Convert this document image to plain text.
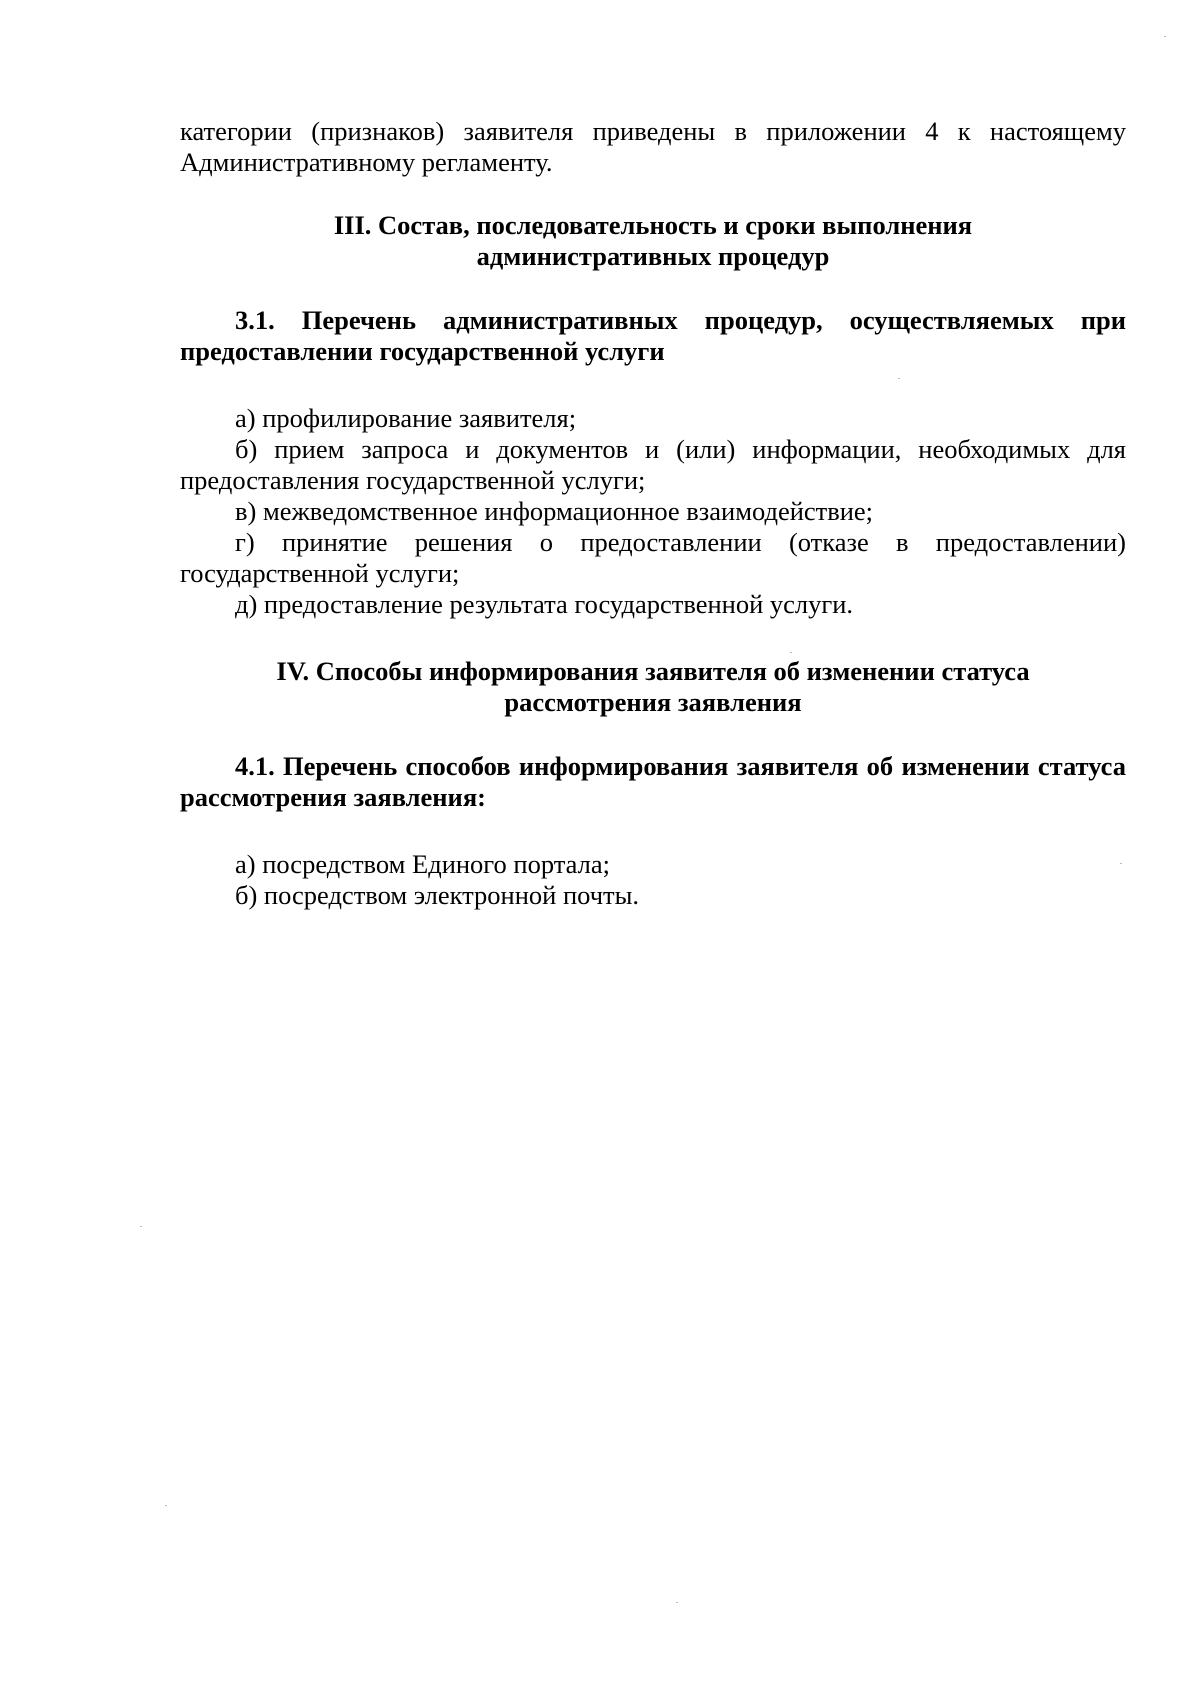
категории (признаков) заявителя приведены в приложении 4 к настоящему Административному регламенту.

III. Состав, последовательность и сроки выполнения
административных процедур

3.1. Перечень административных процедур, осуществляемых при предоставлении государственной услуги

а) профилирование заявителя;

б) прием запроса и документов и (или) информации, необходимых для предоставления государственной услуги;

в) межведомственное информационное взаимодействие;

г) принятие решения о предоставлении (отказе в предоставлении) государственной услуги;

д) предоставление результата государственной услуги.

IV. Способы информирования заявителя об изменении статуса
рассмотрения заявления

4.1. Перечень способов информирования заявителя об изменении статуса рассмотрения заявления:

а) посредством Единого портала;

б) посредством электронной почты.
